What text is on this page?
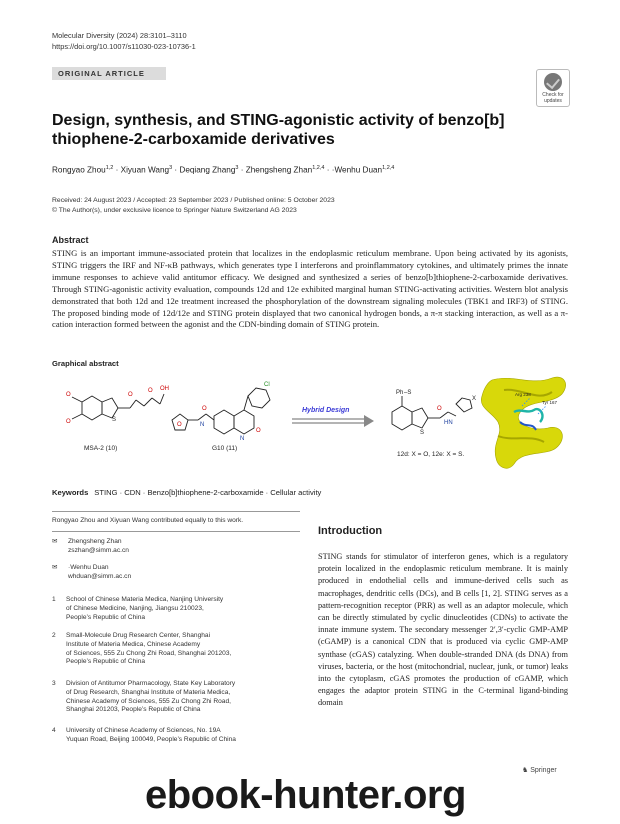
Molecular Diversity (2024) 28:3101–3110
https://doi.org/10.1007/s11030-023-10736-1
ORIGINAL ARTICLE
Check for
updates
Design, synthesis, and STING‑agonistic activity of benzo[b] thiophene‑2‑carboxamide derivatives
Rongyao Zhou$^{1,2}$ · Xiyuan Wang$^3$ · Deqiang Zhang$^3$ · Zhengsheng Zhan$^{1,2,4}$ · ·Wenhu Duan$^{1,2,4}$
Received: 24 August 2023 / Accepted: 23 September 2023 / Published online: 5 October 2023
© The Author(s), under exclusive licence to Springer Nature Switzerland AG 2023
Abstract
STING is an important immune-associated protein that localizes in the endoplasmic reticulum membrane. Upon being activated by its agonists, STING triggers the IRF and NF-κB pathways, which generates type I interferons and proinflammatory cytokines, and ultimately primes the innate immune responses to achieve valid antitumor efficacy. We designed and synthesized a series of benzo[b]thiophene-2-carboxamide derivatives. Through STING-agonistic activity evaluation, compounds 12d and 12e exhibited marginal human STING-activating activities. Western blot analysis demonstrated that both 12d and 12e treatment increased the phosphorylation of the downstream signaling molecules (TBK1 and IRF3) of STING. The proposed binding mode of 12d/12e and STING protein displayed that two canonical hydrogen bonds, a π-π stacking interaction, as well as a π-cation interaction formed between the agonist and the CDN-binding domain of STING protein.
Graphical abstract
O
O
O
OH
O
S
MSA-2 (10)
O	N
O
N
O
Cl
G10 (11)
Hybrid Design
Ph –S
S
O
HN
X
12d: X = O, 12e: X = S.
Arg 238
Tyr 167
Keywords STING · CDN · Benzo[b]thiophene-2-carboxamide · Cellular activity
Rongyao Zhou and Xiyuan Wang contributed equally to this work.
✉ Zhengsheng Zhan
zszhan@simm.ac.cn
✉ ·Wenhu Duan
whduan@simm.ac.cn
1 School of Chinese Materia Medica, Nanjing University
of Chinese Medicine, Nanjing, Jiangsu 210023,
People’s Republic of China
2 Small-Molecule Drug Research Center, Shanghai
Institute of Materia Medica, Chinese Academy
of Sciences, 555 Zu Chong Zhi Road, Shanghai 201203,
People’s Republic of China
3 Division of Antitumor Pharmacology, State Key Laboratory
of Drug Research, Shanghai Institute of Materia Medica,
Chinese Academy of Sciences, 555 Zu Chong Zhi Road,
Shanghai 201203, People’s Republic of China
4 University of Chinese Academy of Sciences, No. 19A
Yuquan Road, Beijing 100049, People’s Republic of China
Introduction
STING stands for stimulator of interferon genes, which is a regulatory protein localized in the endoplasmic reticulum membrane. It is mainly produced in endothelial cells and immune-derived cells such as macrophages, dendritic cells (DCs), and B cells [1, 2]. STING serves as a pattern-recognition receptor (PRR) as well as an adaptor molecule, which can be directly stimulated by cyclic dinucleotides (CDNs) to activate the innate immune system. The secondary messenger 2′,3′-cyclic GMP-AMP (cGAMP) is a canonical CDN that is produced via cyclic GMP-AMP synthase (cGAS) catalyzing. When double-stranded DNA (ds DNA) from viruses, bacteria, or the host (mitochondrial, nuclear, junk, or tumor) leaks into the cytoplasm, cGAS promotes the production of cGAMP, which engages the adaptor protein STING in the C-terminal ligand-binding domain
♞ Springer
ebook-hunter.org
